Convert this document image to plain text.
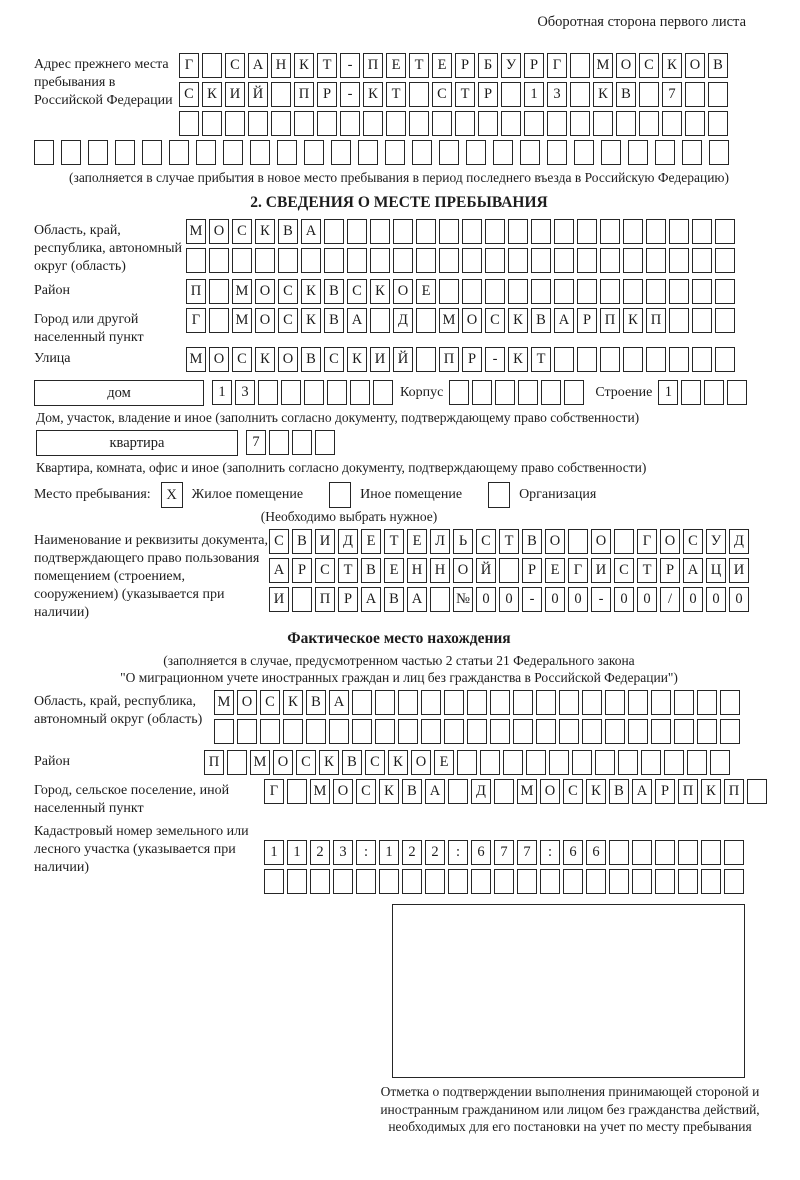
Оборотная сторона первого листа
Адрес прежнего места пребывания в Российской Федерации
Г	С А Н К Т - П Е Т Е Р Б У Р Г М О С К О В
С К И Й П Р - К Т	С Т Р	1 3	К В	7
(заполняется в случае прибытия в новое место пребывания в период последнего въезда в Российскую Федерацию)
2. СВЕДЕНИЯ О МЕСТЕ ПРЕБЫВАНИЯ
Область, край, республика, автономный округ (область)
М О С К В А
Район	П М О С К В С К О Е
Город или другой населенный пункт
Г М О С К В А Д М О С К В А Р П К П
Улица	М О С К О В С К И Й П Р - К Т
дом	1 3	Корпус	Строение 1
Дом, участок, владение и иное (заполнить согласно документу, подтверждающему право собственности)
квартира	7
Квартира, комната, офис и иное (заполнить согласно документу, подтверждающему право собственности)
Место пребывания:	X	Жилое помещение	Иное помещение	Организация
(Необходимо выбрать нужное)
Наименование и реквизиты документа, подтверждающего право пользования помещением (строением, сооружением) (указывается при наличии)
С В И Д Е Т Е Л Ь С Т В О О	Г О С У Д
А Р С Т В Е Н Н О Й	Р Е Г И С Т Р А Ц И
И П Р А В А № 0 0 - 0 0 - 0 0 / 0 0 0
Фактическое место нахождения
(заполняется в случае, предусмотренном частью 2 статьи 21 Федерального закона
"О миграционном учете иностранных граждан и лиц без гражданства в Российской Федерации")
Область, край, республика, автономный округ (область)
М О С К В А
Район	П М О С К В С К О Е
Город, сельское поселение, иной населенный пункт
Г М О С К В А Д М О С К В А Р П К П
Кадастровый номер земельного или лесного участка (указывается при наличии)
1 1 2 3 : 1 2 2 : 6 7 7 : 6 6
Отметка о подтверждении выполнения принимающей стороной и иностранным гражданином или лицом без гражданства действий, необходимых для его постановки на учет по месту пребывания
